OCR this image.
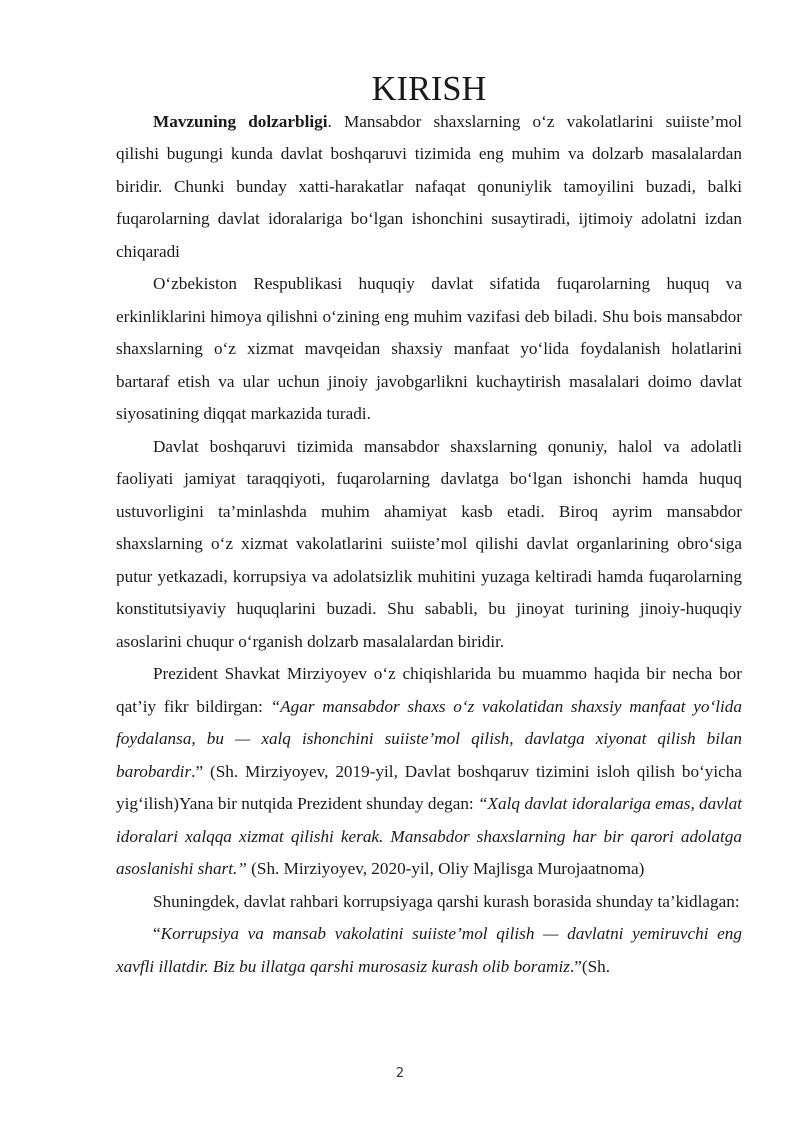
KIRISH

Mavzuning dolzarbligi. Mansabdor shaxslarning o‘z vakolatlarini suiiste’mol qilishi bugungi kunda davlat boshqaruvi tizimida eng muhim va dolzarb masalalardan biridir. Chunki bunday xatti-harakatlar nafaqat qonuniylik tamoyilini buzadi, balki fuqarolarning davlat idoralariga bo‘lgan ishonchini susaytiradi, ijtimoiy adolatni izdan chiqaradi

O‘zbekiston Respublikasi huquqiy davlat sifatida fuqarolarning huquq va erkinliklarini himoya qilishni o‘zining eng muhim vazifasi deb biladi. Shu bois mansabdor shaxslarning o‘z xizmat mavqeidan shaxsiy manfaat yo‘lida foydalanish holatlarini bartaraf etish va ular uchun jinoiy javobgarlikni kuchaytirish masalalari doimo davlat siyosatining diqqat markazida turadi.

Davlat boshqaruvi tizimida mansabdor shaxslarning qonuniy, halol va adolatli faoliyati jamiyat taraqqiyoti, fuqarolarning davlatga bo‘lgan ishonchi hamda huquq ustuvorligini ta’minlashda muhim ahamiyat kasb etadi. Biroq ayrim mansabdor shaxslarning o‘z xizmat vakolatlarini suiiste’mol qilishi davlat organlarining obro‘siga putur yetkazadi, korrupsiya va adolatsizlik muhitini yuzaga keltiradi hamda fuqarolarning konstitutsiyaviy huquqlarini buzadi. Shu sababli, bu jinoyat turining jinoiy-huquqiy asoslarini chuqur o‘rganish dolzarb masalalardan biridir.

Prezident Shavkat Mirziyoyev o‘z chiqishlarida bu muammo haqida bir necha bor qat’iy fikr bildirgan: “Agar mansabdor shaxs o‘z vakolatidan shaxsiy manfaat yo‘lida foydalansa, bu — xalq ishonchini suiiste’mol qilish, davlatga xiyonat qilish bilan barobardir.” (Sh. Mirziyoyev, 2019-yil, Davlat boshqaruv tizimini isloh qilish bo‘yicha yig‘ilish)Yana bir nutqida Prezident shunday degan: “Xalq davlat idoralariga emas, davlat idoralari xalqqa xizmat qilishi kerak. Mansabdor shaxslarning har bir qarori adolatga asoslanishi shart.” (Sh. Mirziyoyev, 2020-yil, Oliy Majlisga Murojaatnoma)

Shuningdek, davlat rahbari korrupsiyaga qarshi kurash borasida shunday ta’kidlagan:

“Korrupsiya va mansab vakolatini suiiste’mol qilish — davlatni yemiruvchi eng xavfli illatdir. Biz bu illatga qarshi murosasiz kurash olib boramiz.”(Sh.

2
